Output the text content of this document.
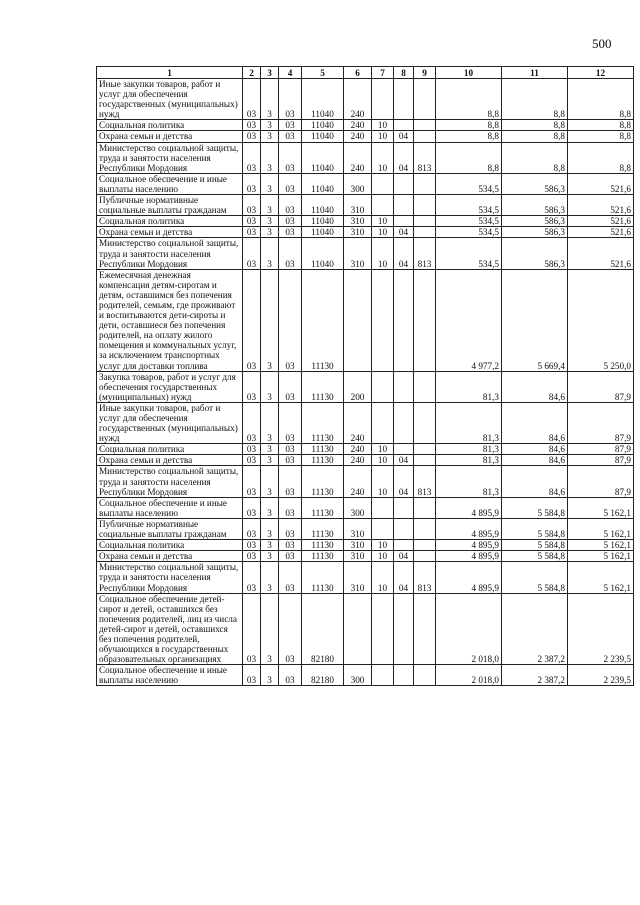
500
1	2	3	4	5	6	7	8	9	10	11	12
Иные закупки товаров, работ и услуг для обеспечения государственных (муниципальных) нужд	03	3	03	11040	240				8,8	8,8	8,8
Социальная политика	03	3	03	11040	240	10			8,8	8,8	8,8
Охрана семьи и детства	03	3	03	11040	240	10	04		8,8	8,8	8,8
Министерство социальной защиты, труда и занятости населения Республики Мордовия	03	3	03	11040	240	10	04	813	8,8	8,8	8,8
Социальное обеспечение и иные выплаты населению	03	3	03	11040	300				534,5	586,3	521,6
Публичные нормативные социальные выплаты гражданам	03	3	03	11040	310				534,5	586,3	521,6
Социальная политика	03	3	03	11040	310	10			534,5	586,3	521,6
Охрана семьи и детства	03	3	03	11040	310	10	04		534,5	586,3	521,6
Министерство социальной защиты, труда и занятости населения Республики Мордовия	03	3	03	11040	310	10	04	813	534,5	586,3	521,6
Ежемесячная денежная компенсация детям-сиротам и детям, оставшимся без попечения родителей, семьям, где проживают и воспитываются дети-сироты и дети, оставшиеся без попечения родителей, на оплату жилого помещения и коммунальных услуг, за исключением транспортных услуг для доставки топлива	03	3	03	11130					4 977,2	5 669,4	5 250,0
Закупка товаров, работ и услуг для обеспечения государственных (муниципальных) нужд	03	3	03	11130	200				81,3	84,6	87,9
Иные закупки товаров, работ и услуг для обеспечения государственных (муниципальных) нужд	03	3	03	11130	240				81,3	84,6	87,9
Социальная политика	03	3	03	11130	240	10			81,3	84,6	87,9
Охрана семьи и детства	03	3	03	11130	240	10	04		81,3	84,6	87,9
Министерство социальной защиты, труда и занятости населения Республики Мордовия	03	3	03	11130	240	10	04	813	81,3	84,6	87,9
Социальное обеспечение и иные выплаты населению	03	3	03	11130	300				4 895,9	5 584,8	5 162,1
Публичные нормативные социальные выплаты гражданам	03	3	03	11130	310				4 895,9	5 584,8	5 162,1
Социальная политика	03	3	03	11130	310	10			4 895,9	5 584,8	5 162,1
Охрана семьи и детства	03	3	03	11130	310	10	04		4 895,9	5 584,8	5 162,1
Министерство социальной защиты, труда и занятости населения Республики Мордовия	03	3	03	11130	310	10	04	813	4 895,9	5 584,8	5 162,1
Социальное обеспечение детей-сирот и детей, оставшихся без попечения родителей, лиц из числа детей-сирот и детей, оставшихся без попечения родителей, обучающихся в государственных образовательных организациях	03	3	03	82180					2 018,0	2 387,2	2 239,5
Социальное обеспечение и иные выплаты населению	03	3	03	82180	300				2 018,0	2 387,2	2 239,5
